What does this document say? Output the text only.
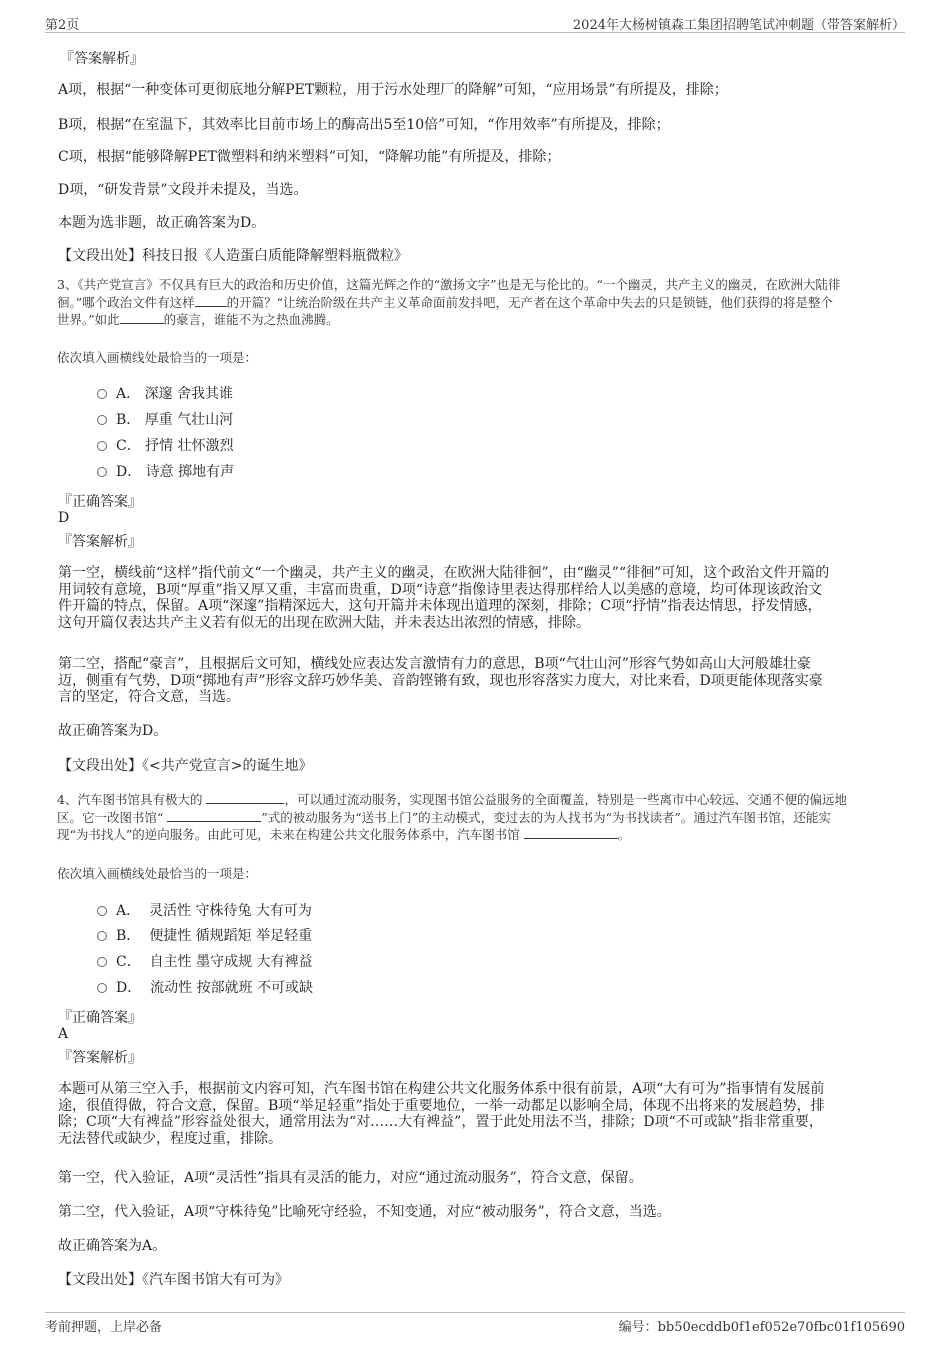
第2页	2024年大杨树镇森工集团招聘笔试冲刺题（带答案解析）
『答案解析』
A项，根据“一种变体可更彻底地分解PET颗粒，用于污水处理厂的降解”可知，“应用场景”有所提及，排除；
B项，根据“在室温下，其效率比目前市场上的酶高出5至10倍”可知，“作用效率”有所提及，排除；
C项，根据“能够降解PET微塑料和纳米塑料”可知，“降解功能”有所提及，排除；
D项，“研发背景”文段并未提及，当选。
本题为选非题，故正确答案为D。
【文段出处】科技日报《人造蛋白质能降解塑料瓶微粒》
3、《共产党宣言》不仅具有巨大的政治和历史价值，这篇光辉之作的“激扬文字”也是无与伦比的。“一个幽灵，共产主义的幽灵，在欧洲大陆徘
徊。”哪个政治文件有这样	的开篇？“让统治阶级在共产主义革命面前发抖吧，无产者在这个革命中失去的只是锁链，他们获得的将是整个
世界。”如此	的豪言，谁能不为之热血沸腾。
依次填入画横线处最恰当的一项是：
A． 深邃 舍我其谁
B． 厚重 气壮山河
C． 抒情 壮怀激烈
D． 诗意 掷地有声
『正确答案』
D
『答案解析』
第一空，横线前“这样”指代前文“一个幽灵，共产主义的幽灵，在欧洲大陆徘徊”，由“幽灵”“徘徊”可知，这个政治文件开篇的
用词较有意境，B项“厚重”指又厚又重，丰富而贵重，D项“诗意”指像诗里表达得那样给人以美感的意境，均可体现该政治文
件开篇的特点，保留。A项“深邃”指精深远大，这句开篇并未体现出道理的深刻，排除；C项“抒情”指表达情思，抒发情感，
这句开篇仅表达共产主义若有似无的出现在欧洲大陆，并未表达出浓烈的情感，排除。
第二空，搭配“豪言”，且根据后文可知，横线处应表达发言激情有力的意思，B项“气壮山河”形容气势如高山大河般雄壮豪
迈，侧重有气势，D项“掷地有声”形容文辞巧妙华美、音韵铿锵有致，现也形容落实力度大，对比来看，D项更能体现落实豪
言的坚定，符合文意，当选。
故正确答案为D。
【文段出处】《<共产党宣言>的诞生地》
4、汽车图书馆具有极大的	，可以通过流动服务，实现图书馆公益服务的全面覆盖，特别是一些离市中心较远、交通不便的偏远地
区。它一改图书馆“	”式的被动服务为“送书上门”的主动模式，变过去的为人找书为“为书找读者”。通过汽车图书馆，还能实
现“为书找人”的逆向服务。由此可见，未来在构建公共文化服务体系中，汽车图书馆	。
依次填入画横线处最恰当的一项是：
A． 灵活性 守株待兔 大有可为
B． 便捷性 循规蹈矩 举足轻重
C． 自主性 墨守成规 大有裨益
D． 流动性 按部就班 不可或缺
『正确答案』
A
『答案解析』
本题可从第三空入手，根据前文内容可知，汽车图书馆在构建公共文化服务体系中很有前景，A项“大有可为”指事情有发展前
途，很值得做，符合文意，保留。B项“举足轻重”指处于重要地位，一举一动都足以影响全局，体现不出将来的发展趋势，排
除；C项“大有裨益”形容益处很大，通常用法为“对……大有裨益”，置于此处用法不当，排除；D项“不可或缺”指非常重要，
无法替代或缺少，程度过重，排除。
第一空，代入验证，A项“灵活性”指具有灵活的能力，对应“通过流动服务”，符合文意，保留。
第二空，代入验证，A项“守株待兔”比喻死守经验，不知变通，对应“被动服务”，符合文意，当选。
故正确答案为A。
【文段出处】《汽车图书馆大有可为》
考前押题，上岸必备	编号：bb50ecddb0f1ef052e70fbc01f105690
